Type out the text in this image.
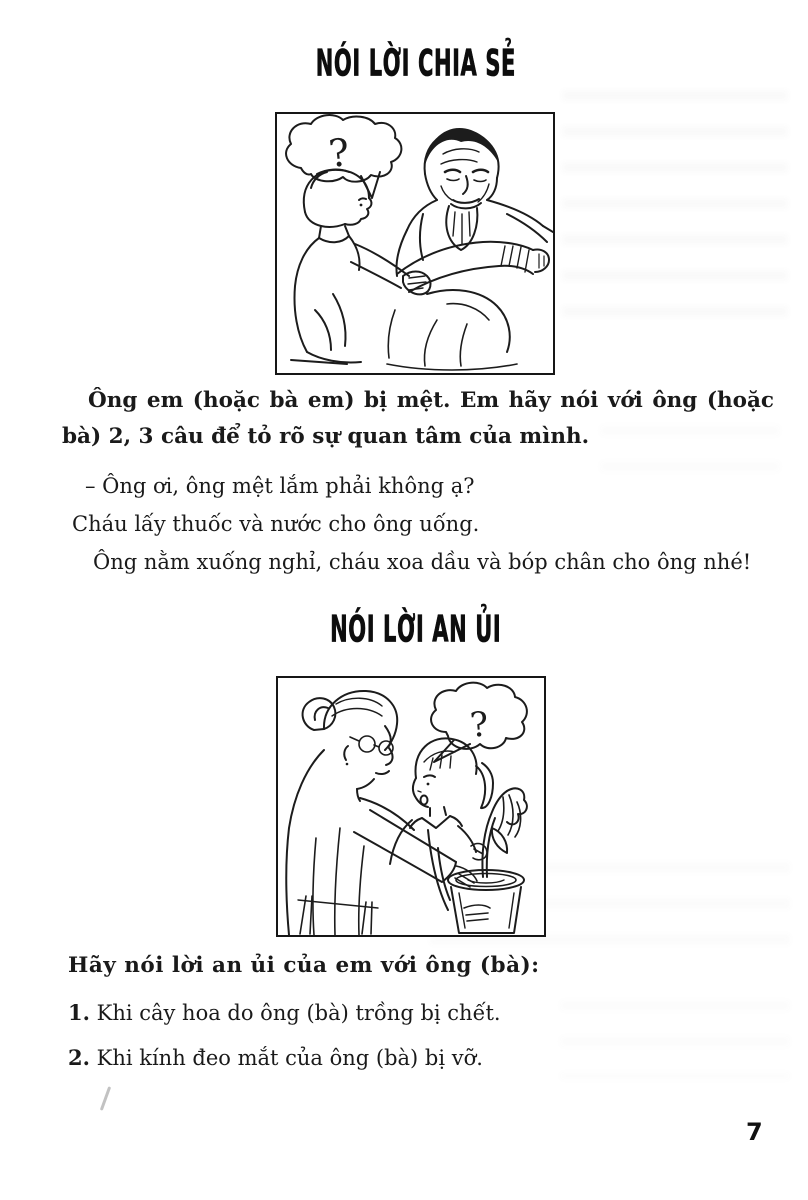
NÓI LỜI CHIA SẺ
?

Ông em (hoặc bà em) bị mệt. Em hãy nói với ông (hoặc bà) 2, 3 câu để tỏ rõ sự quan tâm của mình.

– Ông ơi, ông mệt lắm phải không ạ?

Cháu lấy thuốc và nước cho ông uống.

Ông nằm xuống nghỉ, cháu xoa dầu và bóp chân cho ông nhé!

NÓI LỜI AN ỦI
?

Hãy nói lời an ủi của em với ông (bà):

1. Khi cây hoa do ông (bà) trồng bị chết.

2. Khi kính đeo mắt của ông (bà) bị vỡ.

7
